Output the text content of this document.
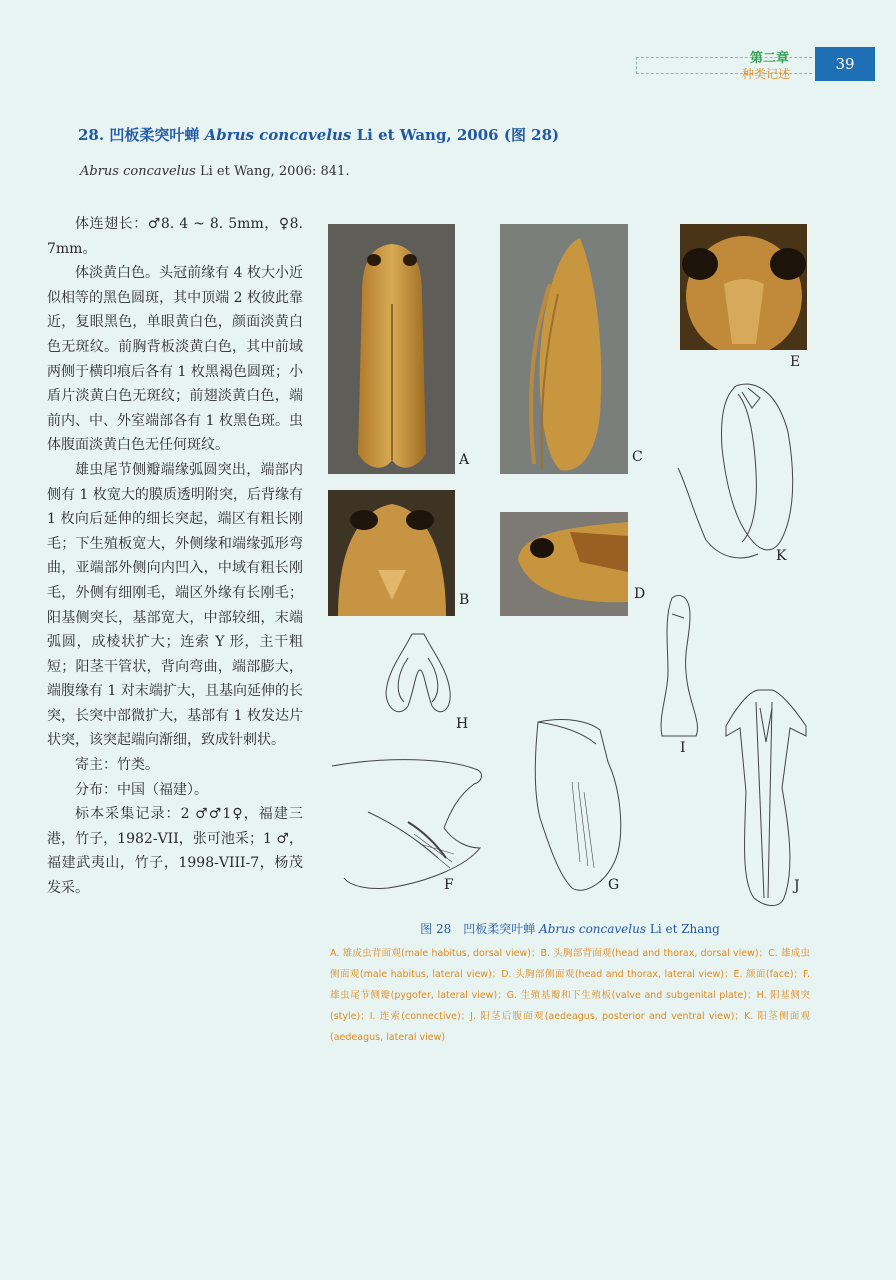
第二章
种类记述
39
28. 凹板柔突叶蝉 Abrus concavelus Li et Wang, 2006 (图 28)
Abrus concavelus Li et Wang, 2006: 841.

体连翅长：♂8. 4 ~ 8. 5mm，♀8. 7mm。

体淡黄白色。头冠前缘有 4 枚大小近似相等的黑色圆斑，其中顶端 2 枚彼此靠近，复眼黑色，单眼黄白色，颜面淡黄白色无斑纹。前胸背板淡黄白色，其中前域两侧于横印痕后各有 1 枚黑褐色圆斑；小盾片淡黄白色无斑纹；前翅淡黄白色，端前内、中、外室端部各有 1 枚黑色斑。虫体腹面淡黄白色无任何斑纹。

雄虫尾节侧瓣端缘弧圆突出，端部内侧有 1 枚宽大的膜质透明附突，后背缘有 1 枚向后延伸的细长突起，端区有粗长刚毛；下生殖板宽大，外侧缘和端缘弧形弯曲，亚端部外侧向内凹入，中域有粗长刚毛，外侧有细刚毛，端区外缘有长刚毛；阳基侧突长，基部宽大，中部较细，末端弧圆，成棱状扩大；连索 Y 形，主干粗短；阳茎干管状，背向弯曲，端部膨大，端腹缘有 1 对末端扩大，且基向延伸的长突，长突中部微扩大，基部有 1 枚发达片状突，该突起端向渐细，致成针刺状。

寄主：竹类。

分布：中国（福建）。

标本采集记录：2 ♂♂1♀，福建三港，竹子，1982-VII，张可池采；1 ♂，福建武夷山，竹子，1998-VIII-7，杨茂发采。

A
B
C
D
E
F	G
H
I
J
K
图 28　凹板柔突叶蝉 Abrus concavelus Li et Zhang
A. 雄成虫背面观(male habitus, dorsal view)；B. 头胸部背面观(head and thorax, dorsal view)；C. 雄成虫侧面观(male habitus, lateral view)；D. 头胸部侧面观(head and thorax, lateral view)；E. 颜面(face)；F. 雄虫尾节侧瓣(pygofer, lateral view)；G. 生殖基瓣和下生殖板(valve and subgenital plate)；H. 阳基侧突(style)；I. 连索(connective)；J. 阳茎后腹面观(aedeagus, posterior and ventral view)；K. 阳茎侧面观(aedeagus, lateral view)
